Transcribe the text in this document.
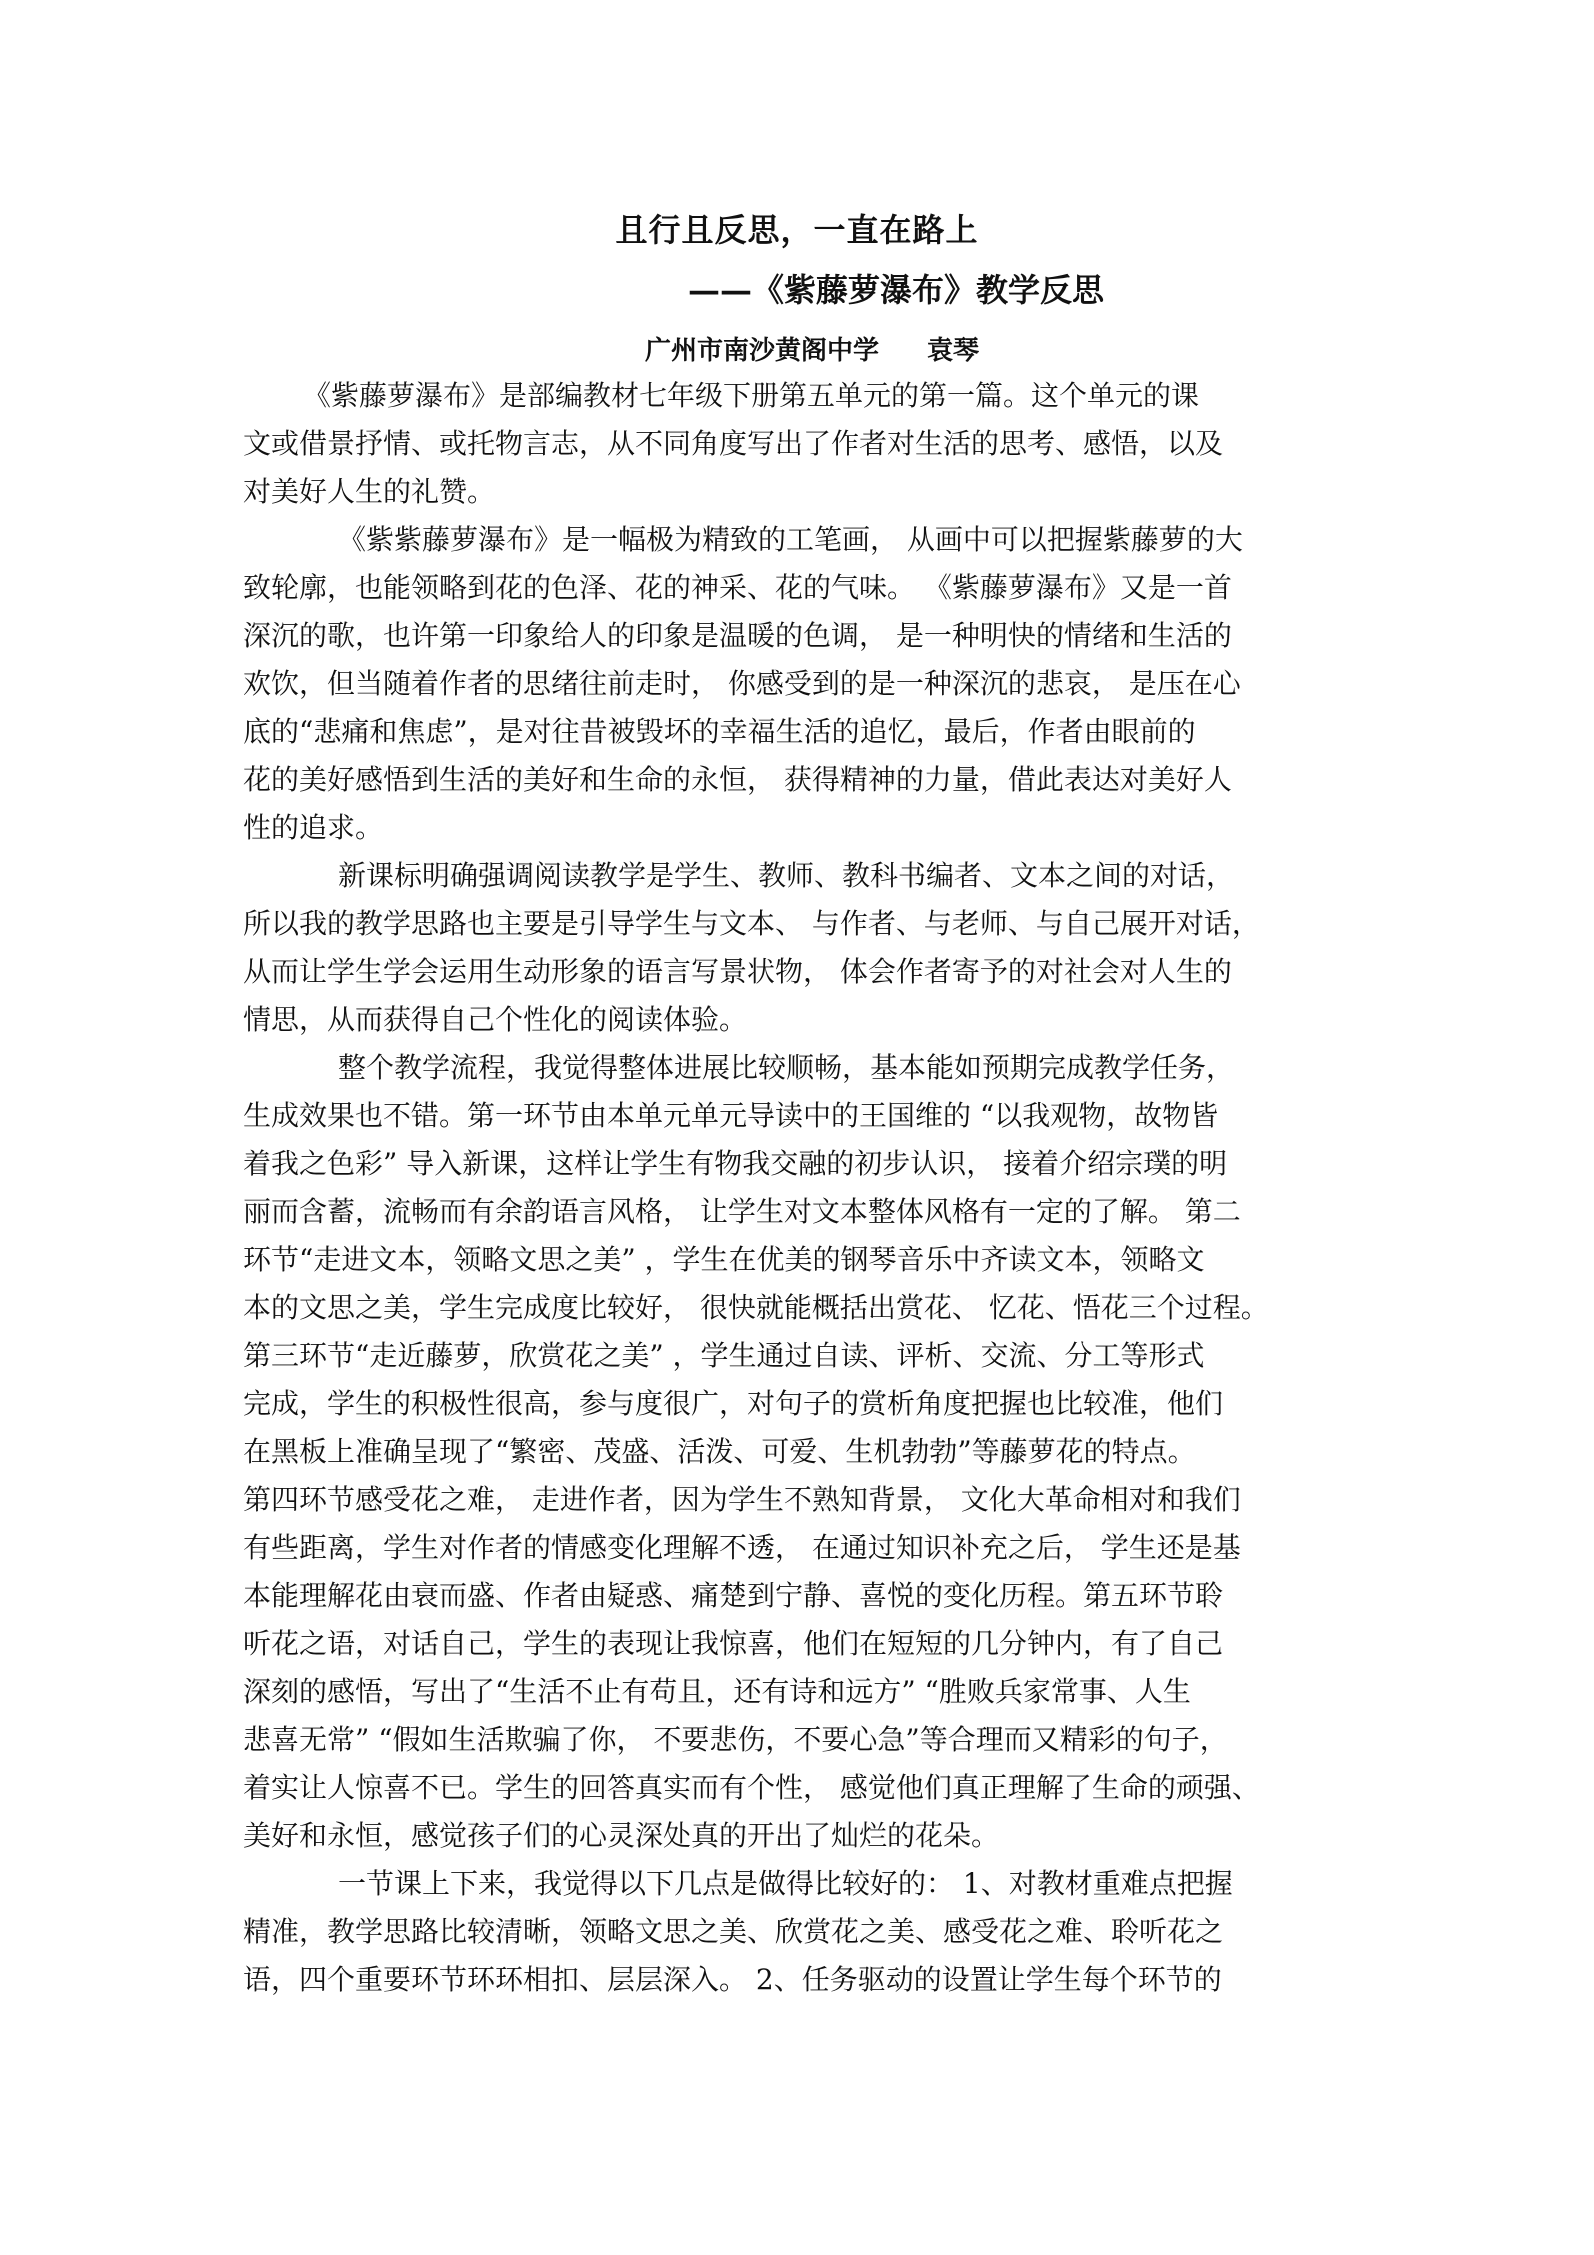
且行且反思，一直在路上
——《紫藤萝瀑布》教学反思
广州市南沙黄阁中学 袁琴
《紫藤萝瀑布》是部编教材七年级下册第五单元的第一篇。这个单元的课
文或借景抒情、或托物言志，从不同角度写出了作者对生活的思考、感悟，以及
对美好人生的礼赞。
《紫紫藤萝瀑布》是一幅极为精致的工笔画， 从画中可以把握紫藤萝的大
致轮廓，也能领略到花的色泽、花的神采、花的气味。 《紫藤萝瀑布》又是一首
深沉的歌，也许第一印象给人的印象是温暖的色调， 是一种明快的情绪和生活的
欢饮，但当随着作者的思绪往前走时， 你感受到的是一种深沉的悲哀， 是压在心
底的“悲痛和焦虑”，是对往昔被毁坏的幸福生活的追忆，最后，作者由眼前的
花的美好感悟到生活的美好和生命的永恒， 获得精神的力量，借此表达对美好人
性的追求。
新课标明确强调阅读教学是学生、教师、教科书编者、文本之间的对话，
所以我的教学思路也主要是引导学生与文本、 与作者、与老师、与自己展开对话，
从而让学生学会运用生动形象的语言写景状物， 体会作者寄予的对社会对人生的
情思，从而获得自己个性化的阅读体验。
整个教学流程，我觉得整体进展比较顺畅，基本能如预期完成教学任务，
生成效果也不错。第一环节由本单元单元导读中的王国维的 “以我观物，故物皆
着我之色彩” 导入新课，这样让学生有物我交融的初步认识， 接着介绍宗璞的明
丽而含蓄，流畅而有余韵语言风格， 让学生对文本整体风格有一定的了解。 第二
环节“走进文本，领略文思之美” ，学生在优美的钢琴音乐中齐读文本，领略文
本的文思之美，学生完成度比较好， 很快就能概括出赏花、 忆花、悟花三个过程。
第三环节“走近藤萝，欣赏花之美” ，学生通过自读、评析、交流、分工等形式
完成，学生的积极性很高，参与度很广，对句子的赏析角度把握也比较准，他们
在黑板上准确呈现了“繁密、茂盛、活泼、可爱、生机勃勃”等藤萝花的特点。
第四环节感受花之难， 走进作者，因为学生不熟知背景， 文化大革命相对和我们
有些距离，学生对作者的情感变化理解不透， 在通过知识补充之后， 学生还是基
本能理解花由衰而盛、作者由疑惑、痛楚到宁静、喜悦的变化历程。第五环节聆
听花之语，对话自己，学生的表现让我惊喜，他们在短短的几分钟内，有了自己
深刻的感悟，写出了“生活不止有苟且，还有诗和远方” “胜败兵家常事、人生
悲喜无常” “假如生活欺骗了你， 不要悲伤，不要心急”等合理而又精彩的句子，
着实让人惊喜不已。学生的回答真实而有个性， 感觉他们真正理解了生命的顽强、
美好和永恒，感觉孩子们的心灵深处真的开出了灿烂的花朵。
一节课上下来，我觉得以下几点是做得比较好的： 1、对教材重难点把握
精准，教学思路比较清晰，领略文思之美、欣赏花之美、感受花之难、聆听花之
语，四个重要环节环环相扣、层层深入。 2、任务驱动的设置让学生每个环节的
